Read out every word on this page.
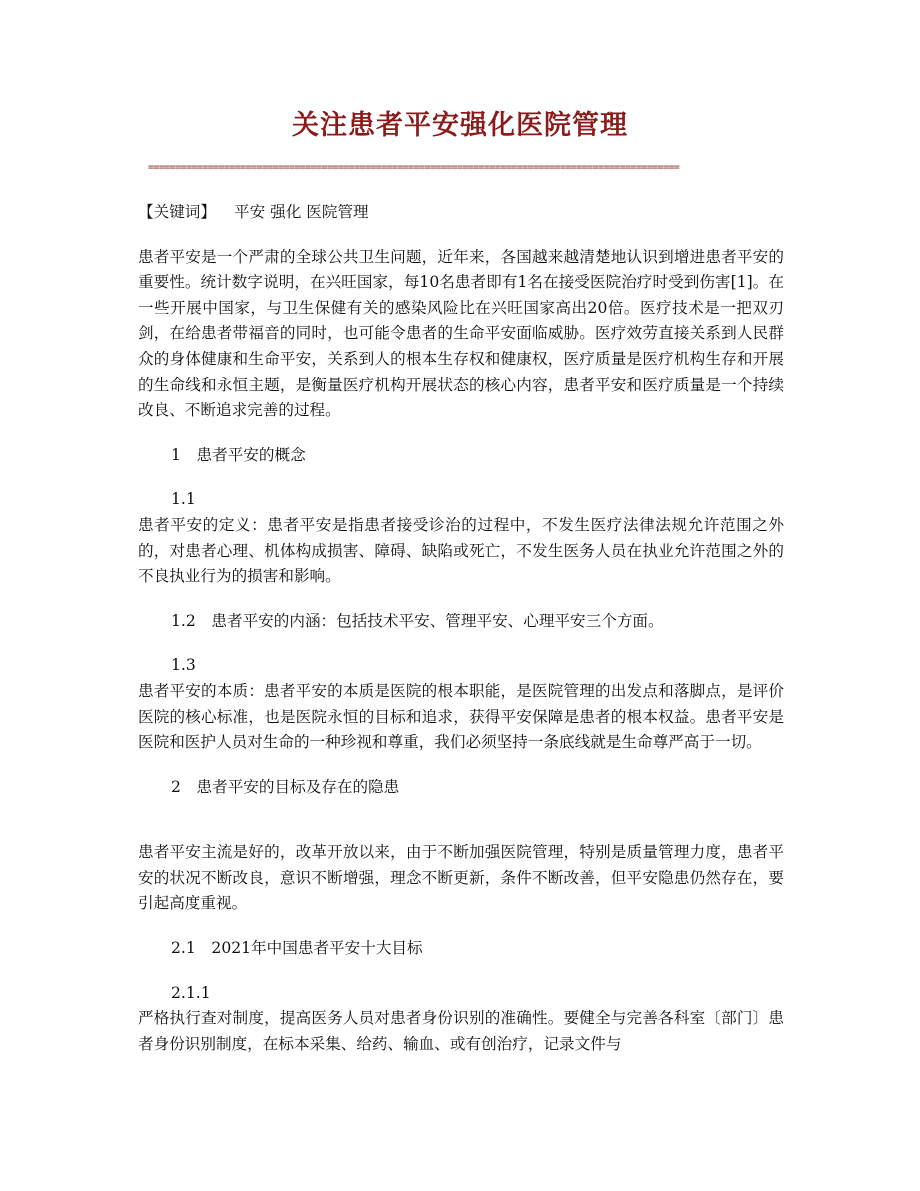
关注患者平安强化医院管理
==================================================================================================

【关键词】 平安 强化 医院管理

患者平安是一个严肃的全球公共卫生问题，近年来，各国越来越清楚地认识到增进患者平安的重要性。统计数字说明，在兴旺国家，每10名患者即有1名在接受医院治疗时受到伤害[1]。在一些开展中国家，与卫生保健有关的感染风险比在兴旺国家高出20倍。医疗技术是一把双刃剑，在给患者带福音的同时，也可能令患者的生命平安面临威胁。医疗效劳直接关系到人民群众的身体健康和生命平安，关系到人的根本生存权和健康权，医疗质量是医疗机构生存和开展的生命线和永恒主题，是衡量医疗机构开展状态的核心内容，患者平安和医疗质量是一个持续改良、不断追求完善的过程。

1　患者平安的概念

1.1

患者平安的定义：患者平安是指患者接受诊治的过程中，不发生医疗法律法规允许范围之外的，对患者心理、机体构成损害、障碍、缺陷或死亡，不发生医务人员在执业允许范围之外的不良执业行为的损害和影响。

1.2　患者平安的内涵：包括技术平安、管理平安、心理平安三个方面。

1.3

患者平安的本质：患者平安的本质是医院的根本职能，是医院管理的出发点和落脚点，是评价医院的核心标准，也是医院永恒的目标和追求，获得平安保障是患者的根本权益。患者平安是医院和医护人员对生命的一种珍视和尊重，我们必须坚持一条底线就是生命尊严高于一切。

2　患者平安的目标及存在的隐患

患者平安主流是好的，改革开放以来，由于不断加强医院管理，特别是质量管理力度，患者平安的状况不断改良，意识不断增强，理念不断更新，条件不断改善，但平安隐患仍然存在，要引起高度重视。

2.1　2021年中国患者平安十大目标

2.1.1

严格执行查对制度，提高医务人员对患者身份识别的准确性。要健全与完善各科室〔部门〕患者身份识别制度，在标本采集、给药、输血、或有创治疗，记录文件与
